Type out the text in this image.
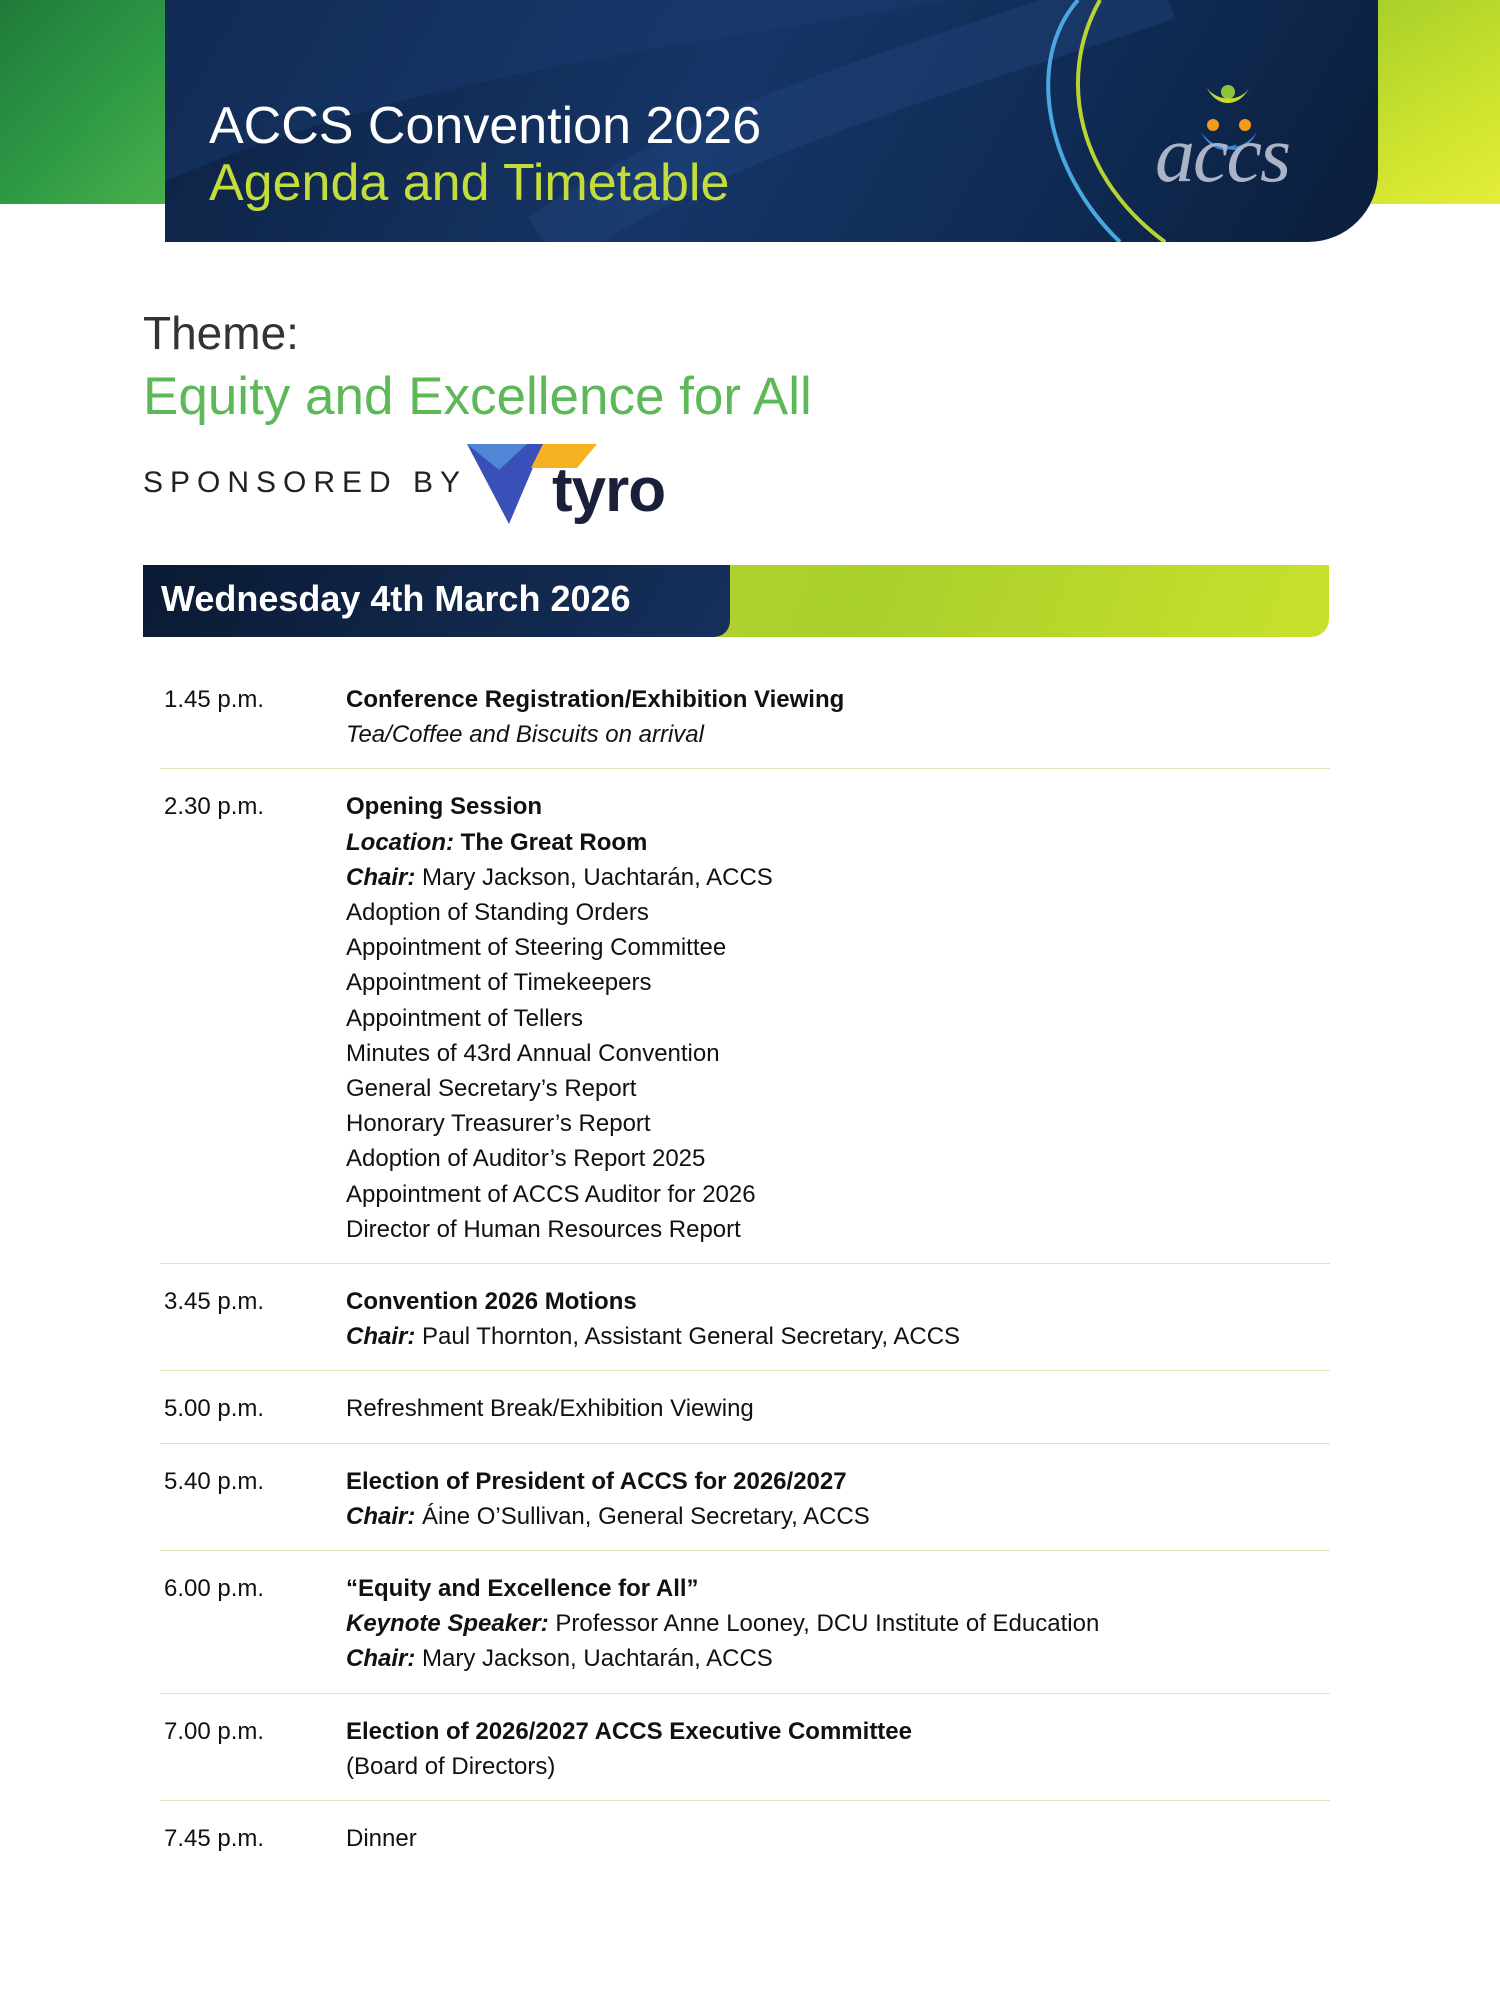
ACCS Convention 2026
Agenda and Timetable	accs
Theme:
Equity and Excellence for All
SPONSORED BY tyro
Wednesday 4th March 2026
1.45 p.m.	Conference Registration/Exhibition Viewing
Tea/Coffee and Biscuits on arrival
2.30 p.m.	Opening Session
Location: The Great Room
Chair: Mary Jackson, Uachtarán, ACCS
Adoption of Standing Orders
Appointment of Steering Committee
Appointment of Timekeepers
Appointment of Tellers
Minutes of 43rd Annual Convention
General Secretary’s Report
Honorary Treasurer’s Report
Adoption of Auditor’s Report 2025
Appointment of ACCS Auditor for 2026
Director of Human Resources Report
3.45 p.m.	Convention 2026 Motions
Chair: Paul Thornton, Assistant General Secretary, ACCS
5.00 p.m.	Refreshment Break/Exhibition Viewing
5.40 p.m.	Election of President of ACCS for 2026/2027
Chair: Áine O’Sullivan, General Secretary, ACCS
6.00 p.m.	“Equity and Excellence for All”
Keynote Speaker: Professor Anne Looney, DCU Institute of Education
Chair: Mary Jackson, Uachtarán, ACCS
7.00 p.m.	Election of 2026/2027 ACCS Executive Committee
(Board of Directors)
7.45 p.m.	Dinner
